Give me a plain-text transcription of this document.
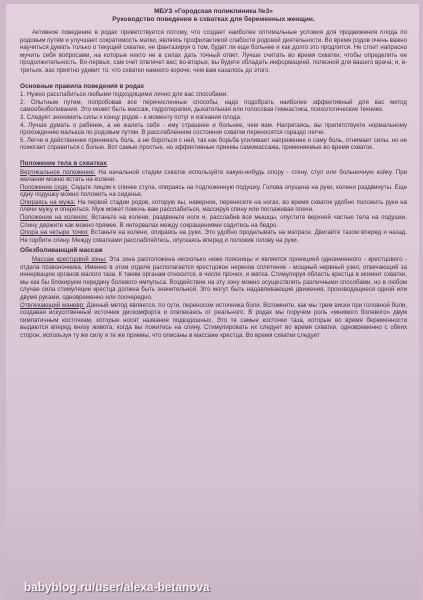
МБУЗ «Городская поликлиника №3»
Руководство поведения в схватках для беременных женщин.

Активное поведение в родах приветствуется потому, что создает наиболее оптимальные условия для продвижения плода по родовым путям и улучшает сократимость матки, являясь профилактикой слабости родовой деятельности. Во время родов очень важно научиться думать только о текущей схватке, не фантазируя о том, будет ли еще больнее и как долго это продлится. Не стоит напрасно мучить себя вопросами, на которые никто не в силах дать точный ответ. Лучше считать во время схватки, чтобы определить ее продолжительность. Во-первых, сам счет отвлечет вас; во-вторых, вы будете обладать информацией, полезной для вашего врача; и, в-третьих, вас приятно удивит то, что схватки намного короче, чем вам казалось до этого.

Основные правила поведения в родах

1. Нужно расслабиться любыми подходящими лично для вас способами.

2. Опытным путем, попробовав все перечисленные способы, надо подобрать наиболее эффективный для вас метод самообезболивания. Это может быть массаж, гидротерапия, дыхательная или голосовая гимнастика, психологические техники.

3. Следует экономить силы к концу родов - к моменту потуг и изгнания плода.

4. Лучше думать о ребенке, а не жалеть себя - ему страшнее и больнее, чем вам. Напрягаясь, вы препятствуете нормальному прохождению малыша по родовым путям. В расслабленном состоянии схватки переносятся гораздо легче.

5. Легче и действеннее принимать боль, а не бороться с ней, так как борьба усиливает напряжение и саму боль, отнимает силы, но не помогает справиться с болью. Вот самые простые, но эффективные приемы самомассажа, применяемые во время схваток.

Положение тела в схватках

Вертикальное положение: На начальной стадии схваток используйте какую-нибудь опору - стену, стул или больничную койку. При желании можно встать на колени.

Положение сидя: Сядьте лицом к спинке стула, опираясь на подложенную подушку. Голова опущена на руки, колени раздвинуты. Еще одну подушку можно положить на сиденье.

Опираясь на мужа: На первой стадии родов, которую вы, наверное, перенесете на ногах, во время схваток удобно положить руки на плечи мужу и опереться. Муж может помочь вам расслабиться, массируя спину или поглаживая плечи.

Положение на коленях: Встаньте на колени, раздвиньте ноги и, расслабив все мышцы, опустите верхней частью тела на подушки. Спину держите как можно прямее. В интервалах между сокращениями садитесь на бедро.

Опора на четыре точки: Встаньте на колени, опираясь на руки. Это удобно проделывать на матрасе. Двигайте тазом вперед и назад. Не горбите спину. Между схватками расслабляйтесь, опускаясь вперед и положив голову на руки.

Обезболивающий массаж

Массаж крестцовой зоны: Эта зона расположена несколько ниже поясницы и является проекцией одноименного - крестцового - отдела позвоночника. Именно в этом отделе располагается крестцовое нервное сплетение - мощный нервный узел, отвечающий за иннервацию органов малого таза. К таким органам относится, в числе прочих, и матка. Стимулируя область крестца в момент схватки, мы как бы блокируем передачу болевого импульса. Воздействие на эту зону можно осуществлять различными способами, но в любом случае сила стимуляции крестца должна быть значительной. Это могут быть надавливающие движения, производящиеся одной или двумя руками, одновременно или поочередно.

Отвлекающий маневр: Данный метод является, по сути, переносом источника боли. Вспомните, как мы трем виски при головной боли, создавая искусственный источник дискомфорта и отвлекаясь от реального. В родах мы поручим роль «мнимого болевого» двум симпатичным косточкам, которые носят название подвздошных. Это те самые косточки таза, которые во время беременности выдаются вперед внизу живота, когда вы ложитесь на спину. Стимулировать их следует во время схватки, одновременно с обеих сторон, используя ту же силу и те же приемы, что описаны в массаже крестца. Во время схватки следует

babyblog.ru/user/alexa-betanova
